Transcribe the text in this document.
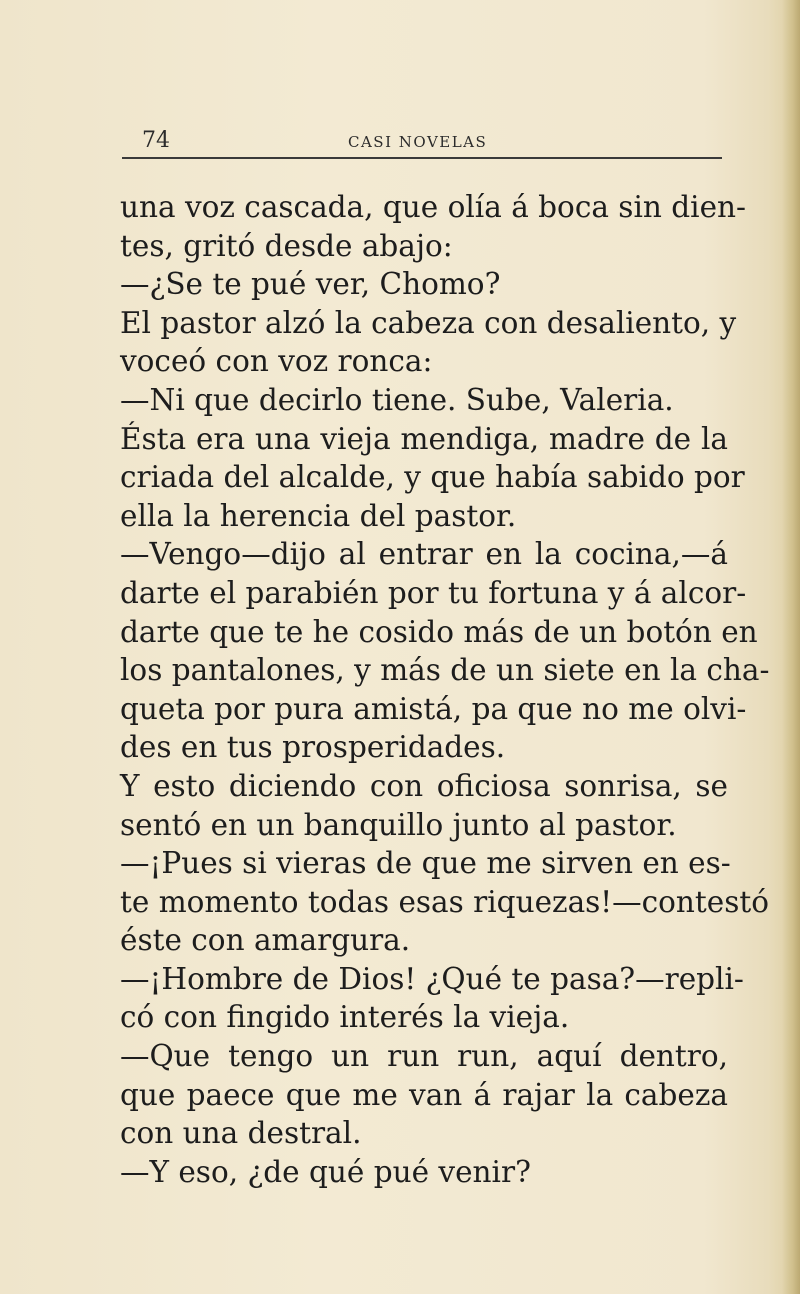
74	CASI NOVELAS
una voz cascada, que olía á boca sin dien-
tes, gritó desde abajo:
—¿Se te pué ver, Chomo?
El pastor alzó la cabeza con desaliento, y
voceó con voz ronca:
—Ni que decirlo tiene. Sube, Valeria.
Ésta era una vieja mendiga, madre de la
criada del alcalde, y que había sabido por
ella la herencia del pastor.
—Vengo—dijo al entrar en la cocina,—á
darte el parabién por tu fortuna y á alcor-
darte que te he cosido más de un botón en
los pantalones, y más de un siete en la cha-
queta por pura amistá, pa que no me olvi-
des en tus prosperidades.
Y esto diciendo con oficiosa sonrisa, se
sentó en un banquillo junto al pastor.
—¡Pues si vieras de que me sirven en es-
te momento todas esas riquezas!—contestó
éste con amargura.
—¡Hombre de Dios! ¿Qué te pasa?—repli-
có con fingido interés la vieja.
—Que tengo un run run, aquí dentro,
que paece que me van á rajar la cabeza
con una destral.
—Y eso, ¿de qué pué venir?
